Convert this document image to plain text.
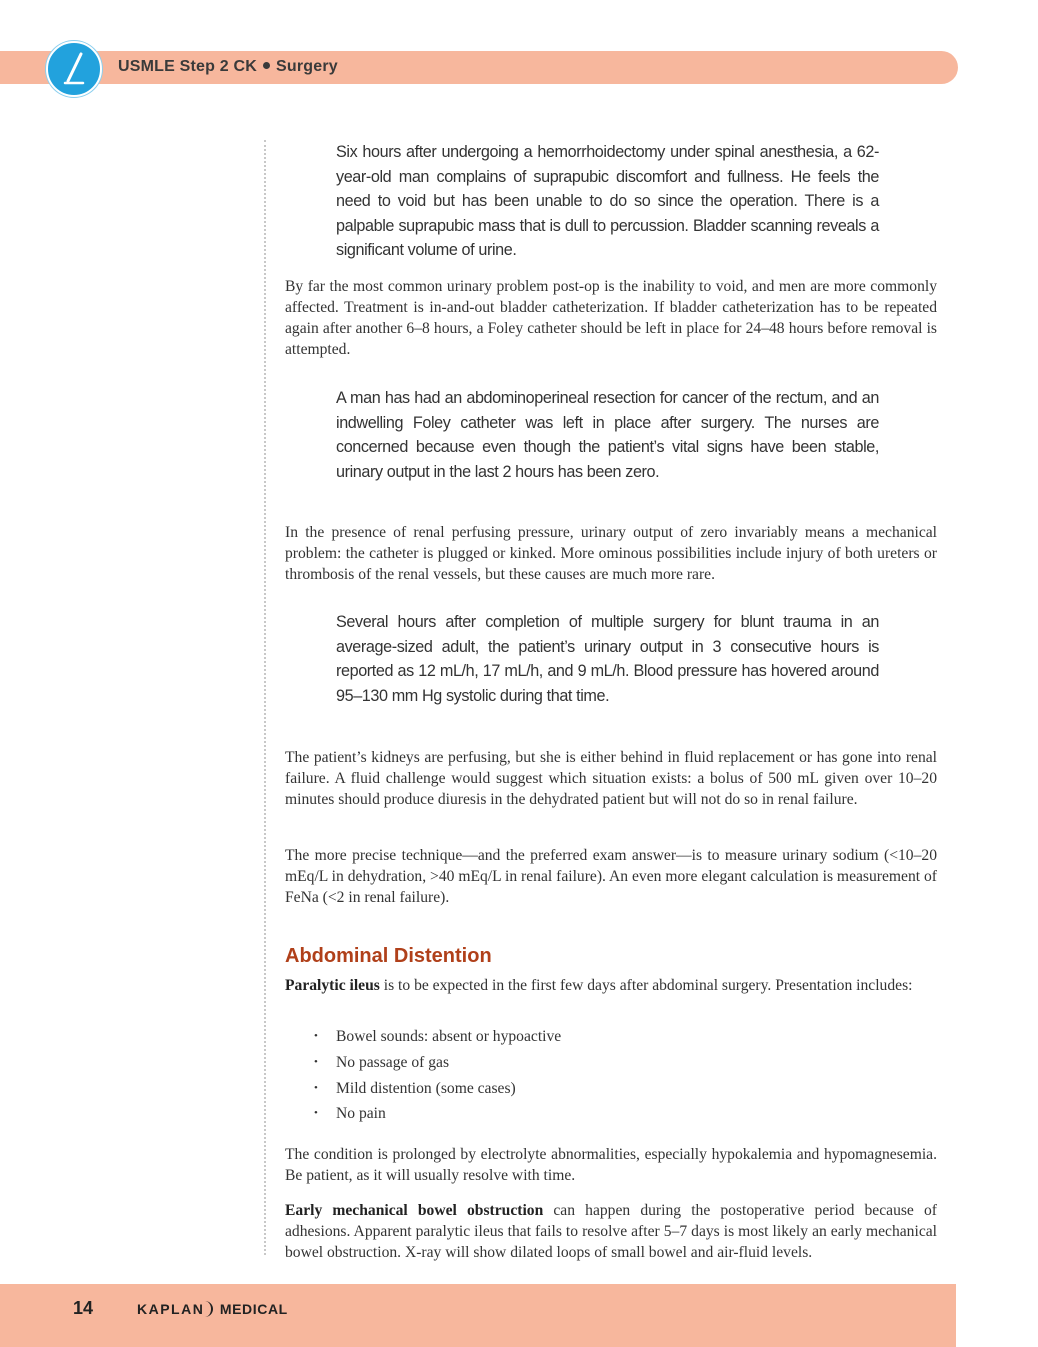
USMLE Step 2 CK Surgery
Six hours after undergoing a hemorrhoidectomy under spinal anesthesia, a 62-year-old man complains of suprapubic discomfort and fullness. He feels the need to void but has been unable to do so since the operation. There is a palpable suprapubic mass that is dull to percussion. Bladder scanning reveals a significant volume of urine.
By far the most common urinary problem post-op is the inability to void, and men are more commonly affected. Treatment is in-and-out bladder catheterization. If bladder catheterization has to be repeated again after another 6–8 hours, a Foley catheter should be left in place for 24–48 hours before removal is attempted.
A man has had an abdominoperineal resection for cancer of the rectum, and an indwelling Foley catheter was left in place after surgery. The nurses are concerned because even though the patient’s vital signs have been stable, urinary output in the last 2 hours has been zero.
In the presence of renal perfusing pressure, urinary output of zero invariably means a mechanical problem: the catheter is plugged or kinked. More ominous possibilities include injury of both ureters or thrombosis of the renal vessels, but these causes are much more rare.
Several hours after completion of multiple surgery for blunt trauma in an average-sized adult, the patient’s urinary output in 3 consecutive hours is reported as 12 mL/h, 17 mL/h, and 9 mL/h. Blood pressure has hovered around 95–130 mm Hg systolic during that time.
The patient’s kidneys are perfusing, but she is either behind in fluid replacement or has gone into renal failure. A fluid challenge would suggest which situation exists: a bolus of 500 mL given over 10–20 minutes should produce diuresis in the dehydrated patient but will not do so in renal failure.
The more precise technique—and the preferred exam answer—is to measure urinary sodium (<10–20 mEq/L in dehydration, >40 mEq/L in renal failure). An even more elegant calculation is measurement of FeNa (<2 in renal failure).
Abdominal Distention
Paralytic ileus is to be expected in the first few days after abdominal surgery. Presentation includes:
• Bowel sounds: absent or hypoactive
• No passage of gas
• Mild distention (some cases)
• No pain
The condition is prolonged by electrolyte abnormalities, especially hypokalemia and hypomagnesemia. Be patient, as it will usually resolve with time.
Early mechanical bowel obstruction can happen during the postoperative period because of adhesions. Apparent paralytic ileus that fails to resolve after 5–7 days is most likely an early mechanical bowel obstruction. X-ray will show dilated loops of small bowel and air-fluid levels.
14	KAPLAN MEDICAL
